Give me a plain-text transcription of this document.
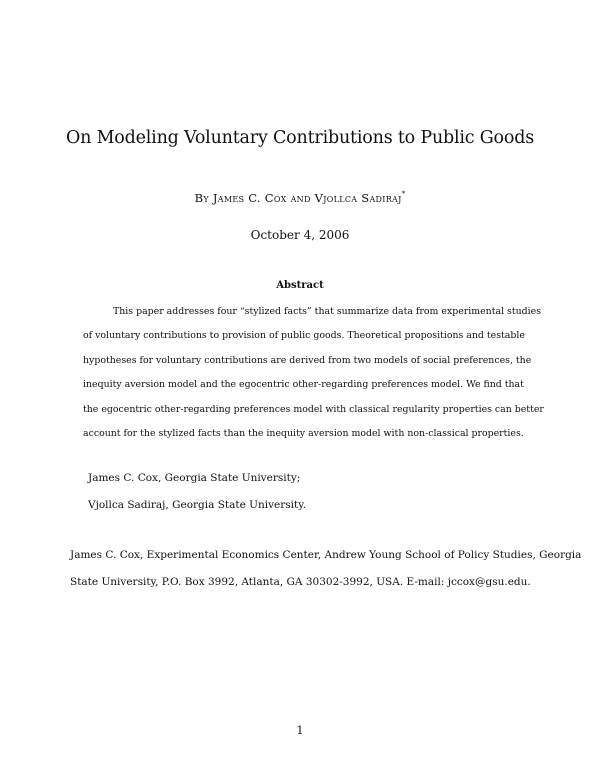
On Modeling Voluntary Contributions to Public Goods
By James C. Cox and Vjollca Sadiraj*
October 4, 2006
Abstract
This paper addresses four “stylized facts” that summarize data from experimental studies
of voluntary contributions to provision of public goods. Theoretical propositions and testable
hypotheses for voluntary contributions are derived from two models of social preferences, the
inequity aversion model and the egocentric other-regarding preferences model. We find that
the egocentric other-regarding preferences model with classical regularity properties can better
account for the stylized facts than the inequity aversion model with non-classical properties.
James C. Cox, Georgia State University;
Vjollca Sadiraj, Georgia State University.
James C. Cox, Experimental Economics Center, Andrew Young School of Policy Studies, Georgia
State University, P.O. Box 3992, Atlanta, GA 30302-3992, USA. E-mail: jccox@gsu.edu.
1
